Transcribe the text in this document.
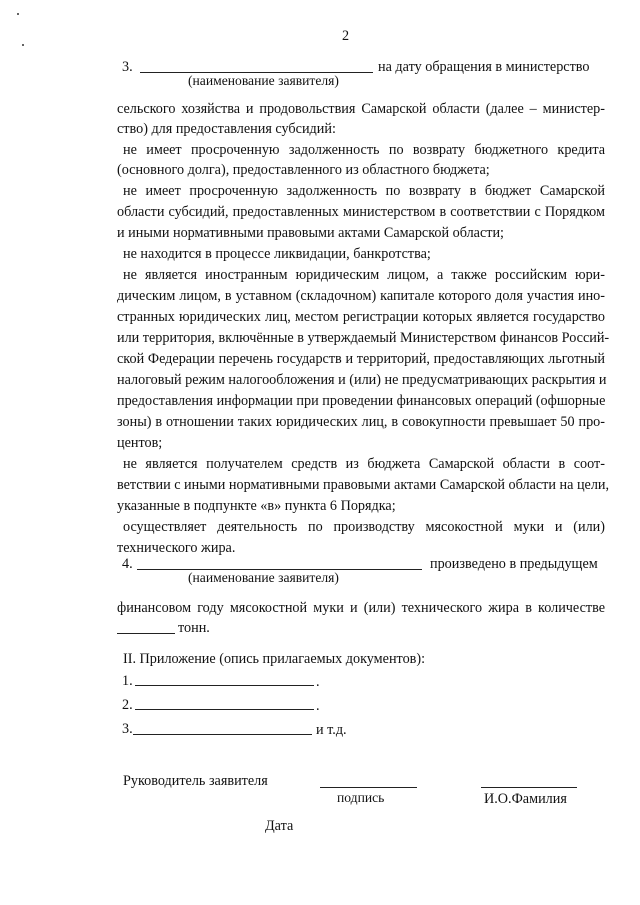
2
3.	на дату обращения в министерство
(наименование заявителя)
сельского хозяйства и продовольствия Самарской области (далее – министер-
ство) для предоставления субсидий:
не имеет просроченную задолженность по возврату бюджетного кредита
(основного долга), предоставленного из областного бюджета;
не имеет просроченную задолженность по возврату в бюджет Самарской
области субсидий, предоставленных министерством в соответствии с Порядком
и иными нормативными правовыми актами Самарской области;
не находится в процессе ликвидации, банкротства;
не является иностранным юридическим лицом, а также российским юри-
дическим лицом, в уставном (складочном) капитале которого доля участия ино-
странных юридических лиц, местом регистрации которых является государство
или территория, включённые в утверждаемый Министерством финансов Россий-
ской Федерации перечень государств и территорий, предоставляющих льготный
налоговый режим налогообложения и (или) не предусматривающих раскрытия и
предоставления информации при проведении финансовых операций (офшорные
зоны) в отношении таких юридических лиц, в совокупности превышает 50 про-
центов;
не является получателем средств из бюджета Самарской области в соот-
ветствии с иными нормативными правовыми актами Самарской области на цели,
указанные в подпункте «в» пункта 6 Порядка;
осуществляет деятельность по производству мясокостной муки и (или)
технического жира.
4.	произведено в предыдущем
(наименование заявителя)
финансовом году мясокостной муки и (или) технического жира в количестве
тонн.
II. Приложение (опись прилагаемых документов):
1.	.
2.	.
3.	и т.д.
Руководитель заявителя
подпись	И.О.Фамилия
Дата
